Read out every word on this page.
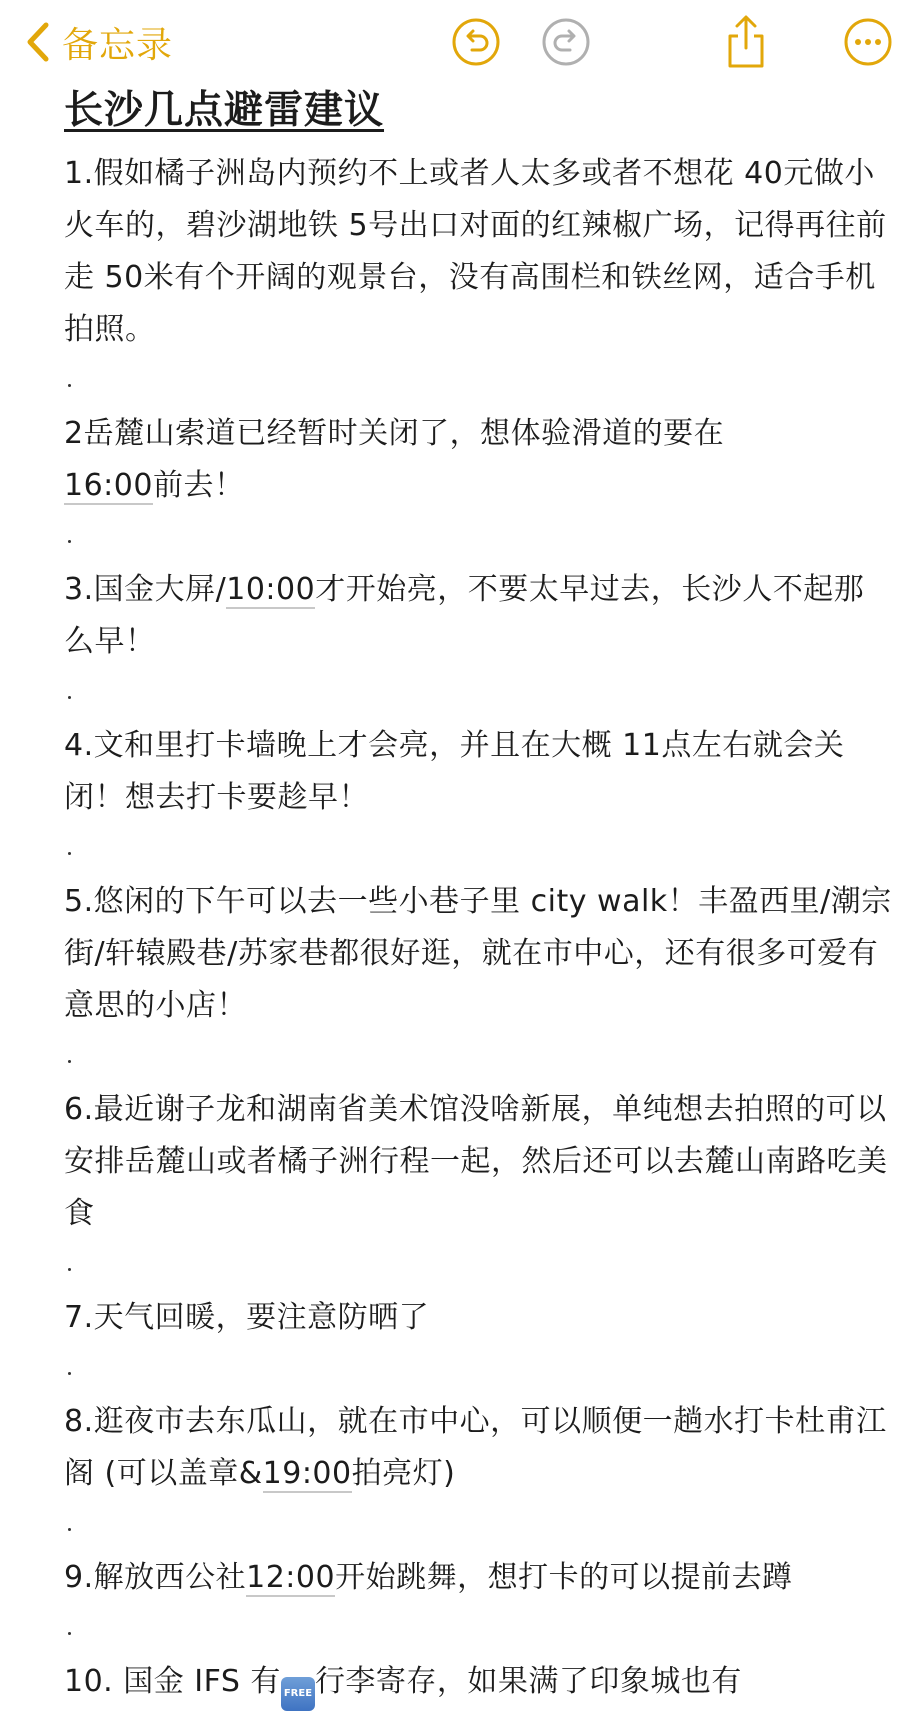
备忘录
长沙几点避雷建议

1.假如橘子洲岛内预约不上或者人太多或者不想花 40元做小火车的，碧沙湖地铁 5号出口对面的红辣椒广场，记得再往前走 50米有个开阔的观景台，没有高围栏和铁丝网，适合手机拍照。

2岳麓山索道已经暂时关闭了，想体验滑道的要在
16:00前去！

3.国金大屏/10:00才开始亮，不要太早过去，长沙人不起那么早！

4.文和里打卡墙晚上才会亮，并且在大概 11点左右就会关闭！想去打卡要趁早！

5.悠闲的下午可以去一些小巷子里 city walk！丰盈西里/潮宗街/轩辕殿巷/苏家巷都很好逛，就在市中心，还有很多可爱有意思的小店！

6.最近谢子龙和湖南省美术馆没啥新展，单纯想去拍照的可以安排岳麓山或者橘子洲行程一起，然后还可以去麓山南路吃美食

7.天气回暖，要注意防晒了

8.逛夜市去东瓜山，就在市中心，可以顺便一趟水打卡杜甫江阁 (可以盖章&19:00拍亮灯)

9.解放西公社12:00开始跳舞，想打卡的可以提前去蹲

10. 国金 IFS 有 FREE行李寄存，如果满了印象城也有
